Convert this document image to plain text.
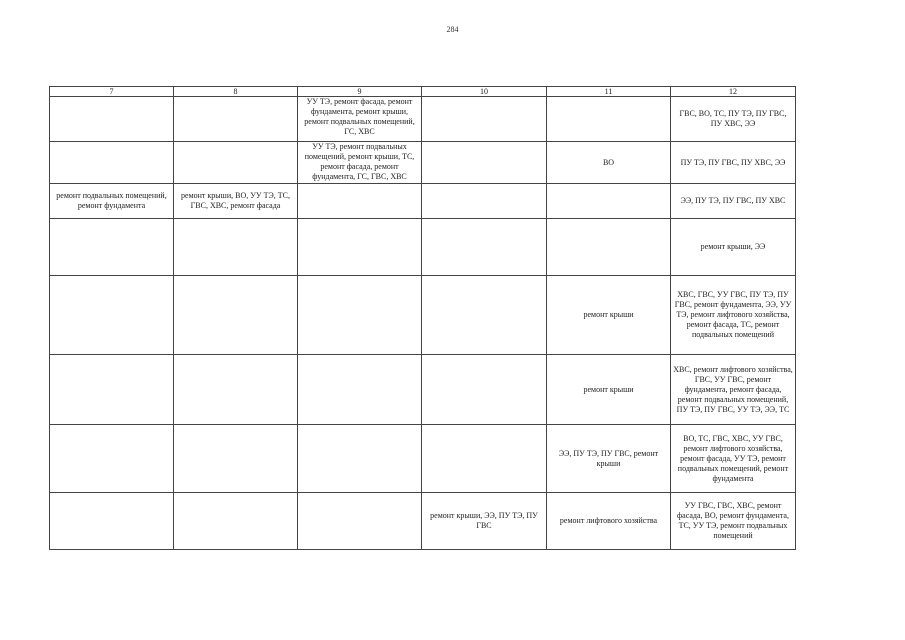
284
7	8	9	10	11	12
		УУ ТЭ, ремонт фасада, ремонт фундамента, ремонт крыши, ремонт подвальных помещений, ГС, ХВС			ГВС, ВО, ТС, ПУ ТЭ, ПУ ГВС, ПУ ХВС, ЭЭ
		УУ ТЭ, ремонт подвальных помещений, ремонт крыши, ТС, ремонт фасада, ремонт фундамента, ГС, ГВС, ХВС		ВО	ПУ ТЭ, ПУ ГВС, ПУ ХВС, ЭЭ
ремонт подвальных помещений, ремонт фундамента	ремонт крыши, ВО, УУ ТЭ, ТС, ГВС, ХВС, ремонт фасада				ЭЭ, ПУ ТЭ, ПУ ГВС, ПУ ХВС
					ремонт крыши, ЭЭ
				ремонт крыши	ХВС, ГВС, УУ ГВС, ПУ ТЭ, ПУ ГВС, ремонт фундамента, ЭЭ, УУ ТЭ, ремонт лифтового хозяйства, ремонт фасада, ТС, ремонт подвальных помещений
				ремонт крыши	ХВС, ремонт лифтового хозяйства, ГВС, УУ ГВС, ремонт фундамента, ремонт фасада, ремонт подвальных помещений, ПУ ТЭ, ПУ ГВС, УУ ТЭ, ЭЭ, ТС
				ЭЭ, ПУ ТЭ, ПУ ГВС, ремонт крыши	ВО, ТС, ГВС, ХВС, УУ ГВС, ремонт лифтового хозяйства, ремонт фасада, УУ ТЭ, ремонт подвальных помещений, ремонт фундамента
			ремонт крыши, ЭЭ, ПУ ТЭ, ПУ ГВС	ремонт лифтового хозяйства	УУ ГВС, ГВС, ХВС, ремонт фасада, ВО, ремонт фундамента, ТС, УУ ТЭ, ремонт подвальных помещений
